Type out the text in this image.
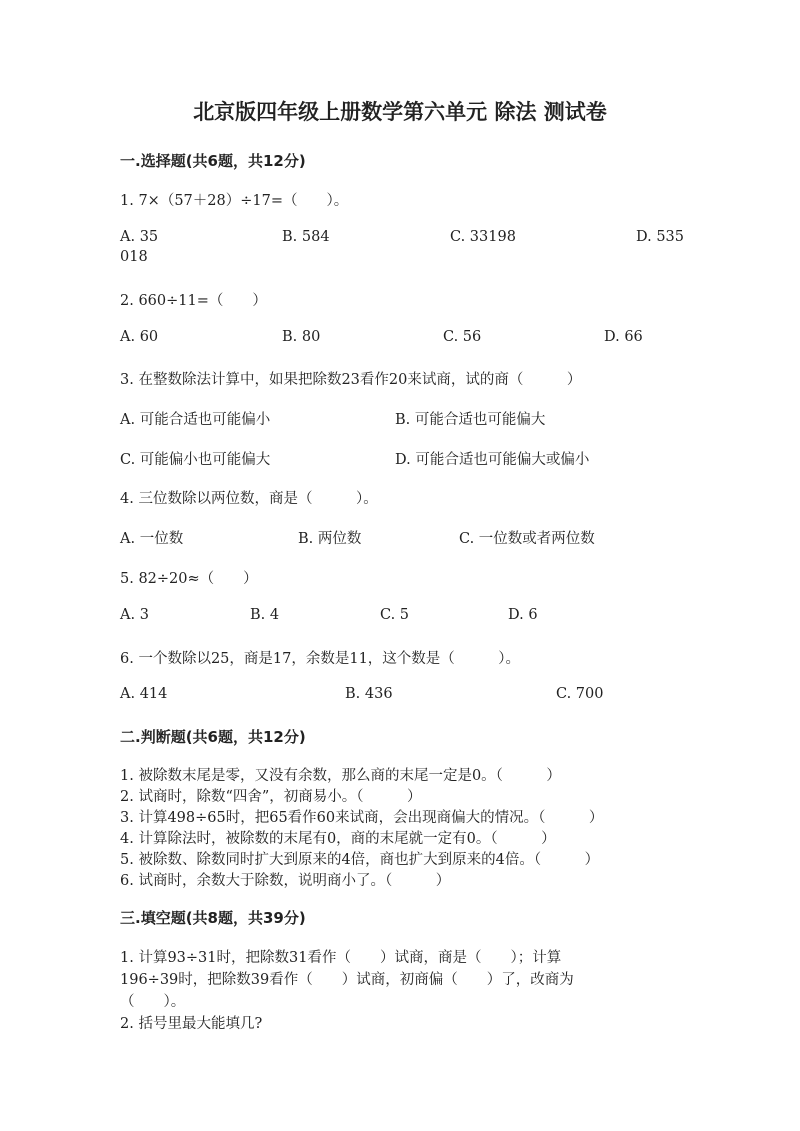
北京版四年级上册数学第六单元 除法 测试卷
一.选择题(共6题，共12分)
1. 7×（57＋28）÷17=（　　）。
A. 35	B. 584	C. 33198	D. 535
018
2. 660÷11=（　　）
A. 60	B. 80	C. 56	D. 66
3. 在整数除法计算中，如果把除数23看作20来试商，试的商（　　　）
A. 可能合适也可能偏小	B. 可能合适也可能偏大
C. 可能偏小也可能偏大	D. 可能合适也可能偏大或偏小
4. 三位数除以两位数，商是（　　　）。
A. 一位数	B. 两位数	C. 一位数或者两位数
5. 82÷20≈（　　）
A. 3	B. 4	C. 5	D. 6
6. 一个数除以25，商是17，余数是11，这个数是（　　　）。
A. 414	B. 436	C. 700
二.判断题(共6题，共12分)
1. 被除数末尾是零，又没有余数，那么商的末尾一定是0。（　　　）
2. 试商时，除数“四舍”，初商易小。（　　　）
3. 计算498÷65时，把65看作60来试商，会出现商偏大的情况。（　　　）
4. 计算除法时，被除数的末尾有0，商的末尾就一定有0。（　　　）
5. 被除数、除数同时扩大到原来的4倍，商也扩大到原来的4倍。（　　　）
6. 试商时，余数大于除数，说明商小了。（　　　）
三.填空题(共8题，共39分)
1. 计算93÷31时，把除数31看作（　　）试商，商是（　　）；计算
196÷39时，把除数39看作（　　）试商，初商偏（　　）了，改商为
（　　）。
2. 括号里最大能填几?
